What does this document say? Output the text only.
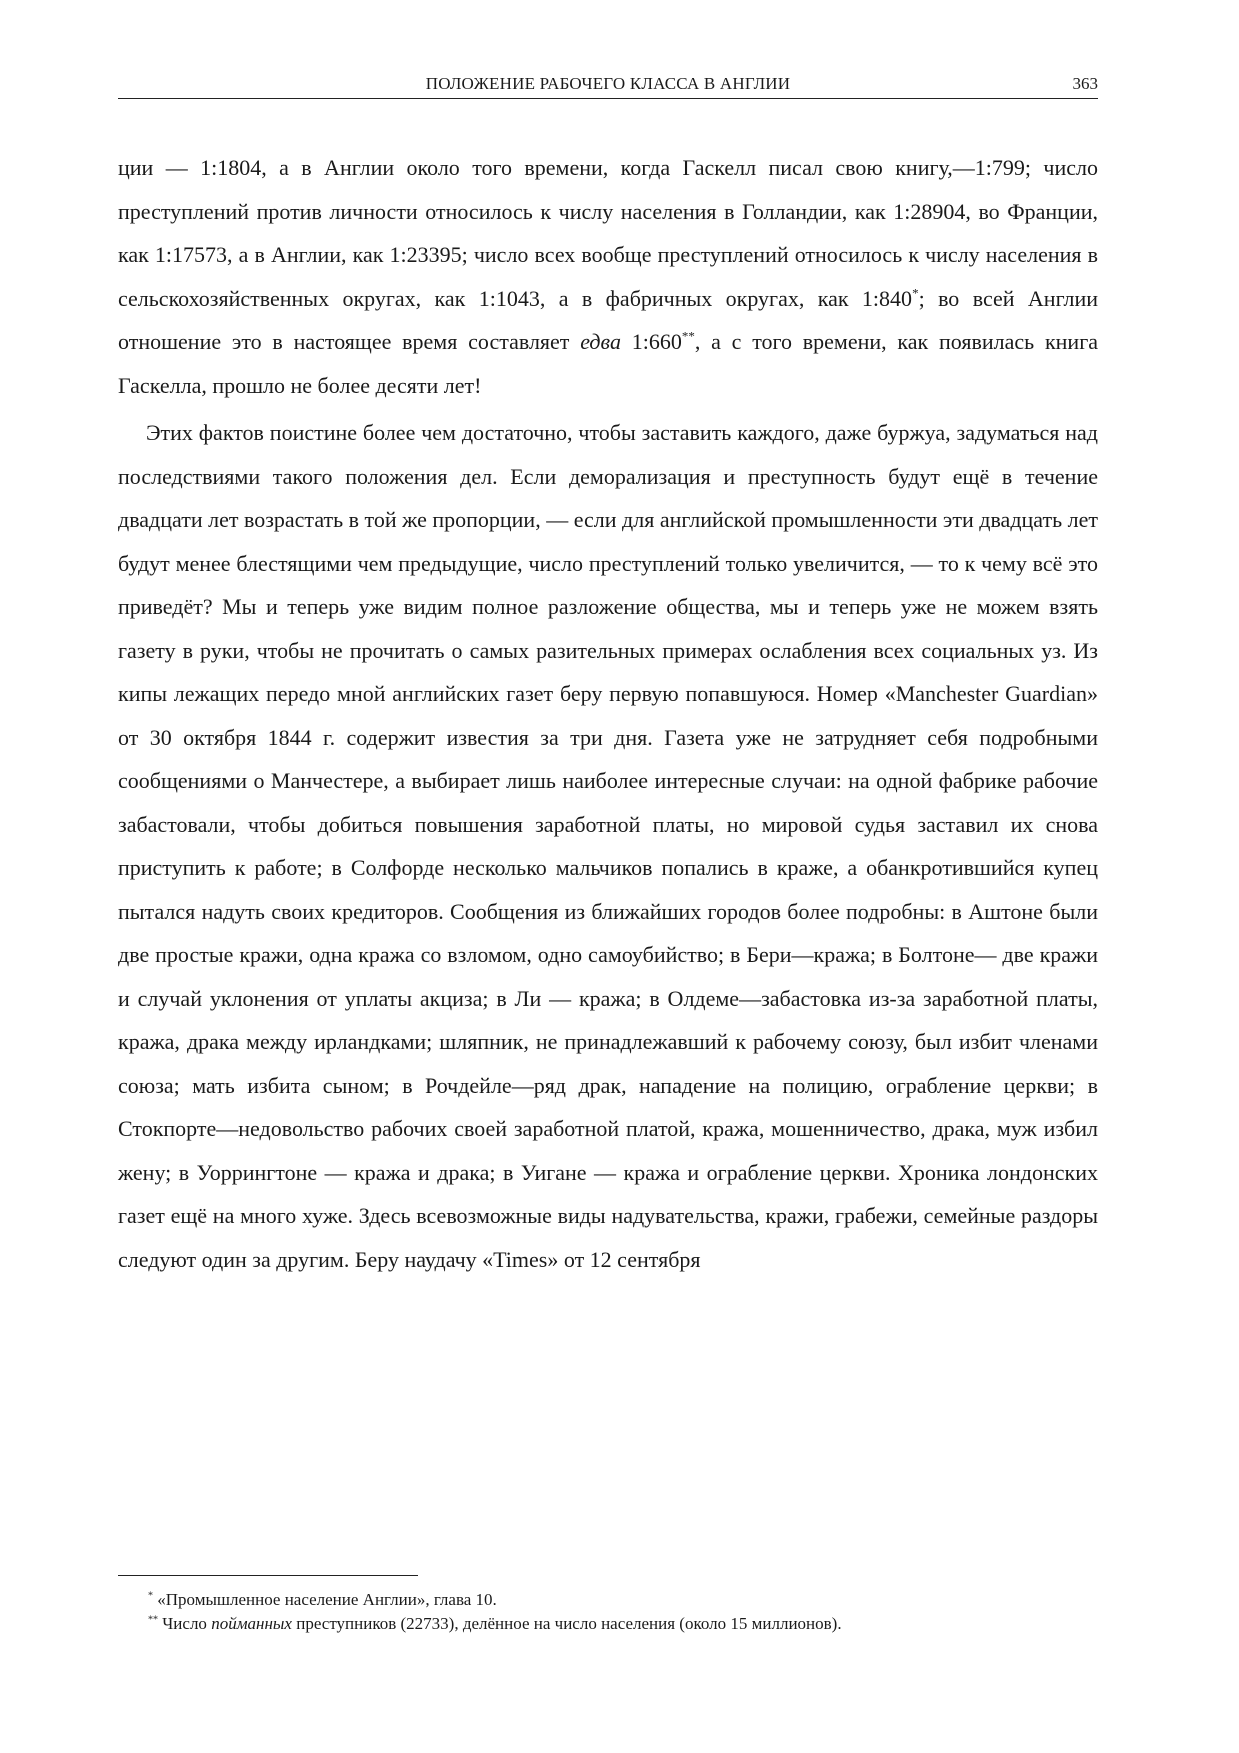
ПОЛОЖЕНИЕ РАБОЧЕГО КЛАССА В АНГЛИИ	363

ции — 1:1804, а в Англии около того времени, когда Гаскелл писал свою книгу,—1:799; число преступлений против личности относилось к числу населения в Голландии, как 1:28904, во Франции, как 1:17573, а в Англии, как 1:23395; число всех вообще преступлений относилось к числу населения в сельскохозяйственных округах, как 1:1043, а в фабричных округах, как 1:840*; во всей Англии отношение это в настоящее время составляет едва 1:660**, а с того времени, как появилась книга Гаскелла, прошло не более десяти лет!

Этих фактов поистине более чем достаточно, чтобы заставить каждого, даже буржуа, задуматься над последствиями такого положения дел. Если деморализация и преступность будут ещё в течение двадцати лет возрастать в той же пропорции, — если для английской промышленности эти двадцать лет будут менее блестящими чем предыдущие, число преступлений только увеличится, — то к чему всё это приведёт? Мы и теперь уже видим полное разложение общества, мы и теперь уже не можем взять газету в руки, чтобы не прочитать о самых разительных примерах ослабления всех социальных уз. Из кипы лежащих передо мной английских газет беру первую попавшуюся. Номер «Manchester Guardian» от 30 октября 1844 г. содержит известия за три дня. Газета уже не затрудняет себя подробными сообщениями о Манчестере, а выбирает лишь наиболее интересные случаи: на одной фабрике рабочие забастовали, чтобы добиться повышения заработной платы, но мировой судья заставил их снова приступить к работе; в Солфорде несколько мальчиков попались в краже, а обанкротившийся купец пытался надуть своих кредиторов. Сообщения из ближайших городов более подробны: в Аштоне были две простые кражи, одна кража со взломом, одно самоубийство; в Бери—кража; в Болтоне— две кражи и случай уклонения от уплаты акциза; в Ли — кража; в Олдеме—забастовка из-за заработной платы, кража, драка между ирландками; шляпник, не принадлежавший к рабочему союзу, был избит членами союза; мать избита сыном; в Рочдейле—ряд драк, нападение на полицию, ограбление церкви; в Стокпорте—недовольство рабочих своей заработной платой, кража, мошенничество, драка, муж избил жену; в Уоррингтоне — кража и драка; в Уигане — кража и ограбление церкви. Хроника лондонских газет ещё на много хуже. Здесь всевозможные виды надувательства, кражи, грабежи, семейные раздоры следуют один за другим. Беру наудачу «Times» от 12 сентября

* «Промышленное население Англии», глава 10.

** Число пойманных преступников (22733), делённое на число населения (около 15 миллионов).
